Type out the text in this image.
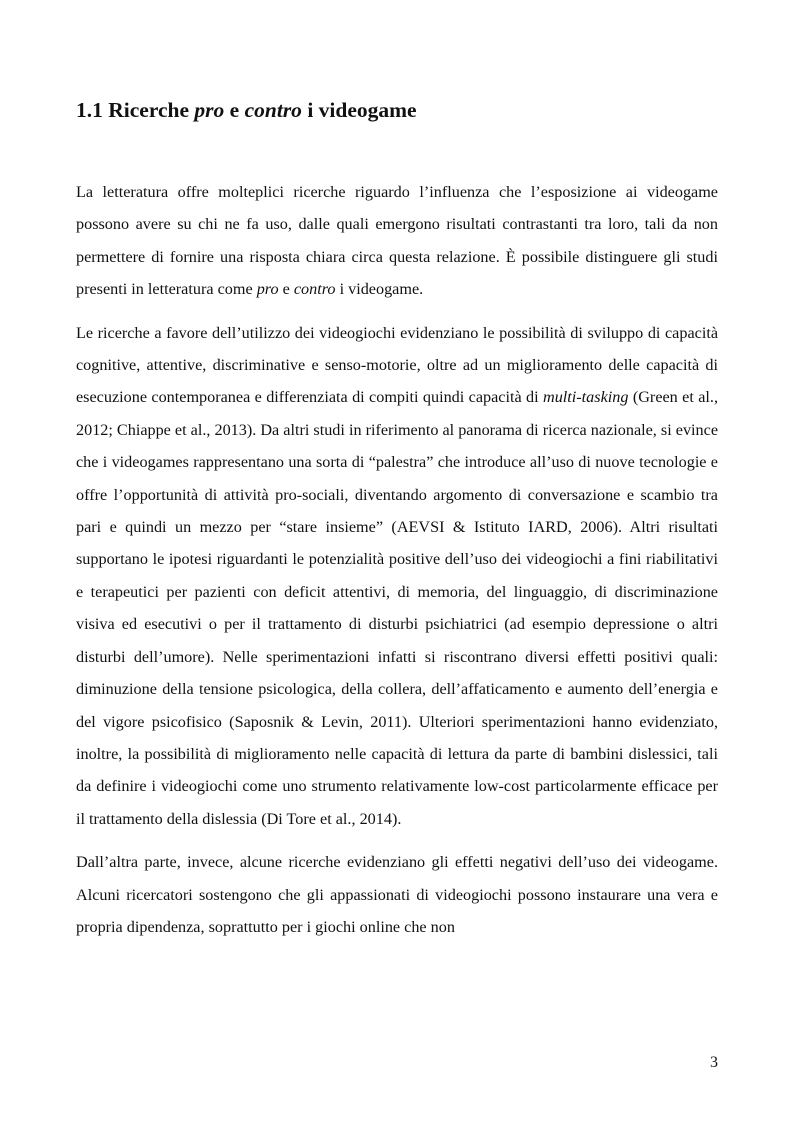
1.1 Ricerche pro e contro i videogame

La letteratura offre molteplici ricerche riguardo l’influenza che l’esposizione ai videogame possono avere su chi ne fa uso, dalle quali emergono risultati contrastanti tra loro, tali da non permettere di fornire una risposta chiara circa questa relazione. È possibile distinguere gli studi presenti in letteratura come pro e contro i videogame.

Le ricerche a favore dell’utilizzo dei videogiochi evidenziano le possibilità di sviluppo di capacità cognitive, attentive, discriminative e senso-motorie, oltre ad un miglioramento delle capacità di esecuzione contemporanea e differenziata di compiti quindi capacità di multi-tasking (Green et al., 2012; Chiappe et al., 2013). Da altri studi in riferimento al panorama di ricerca nazionale, si evince che i videogames rappresentano una sorta di “palestra” che introduce all’uso di nuove tecnologie e offre l’opportunità di attività pro-sociali, diventando argomento di conversazione e scambio tra pari e quindi un mezzo per “stare insieme” (AEVSI & Istituto IARD, 2006). Altri risultati supportano le ipotesi riguardanti le potenzialità positive dell’uso dei videogiochi a fini riabilitativi e terapeutici per pazienti con deficit attentivi, di memoria, del linguaggio, di discriminazione visiva ed esecutivi o per il trattamento di disturbi psichiatrici (ad esempio depressione o altri disturbi dell’umore). Nelle sperimentazioni infatti si riscontrano diversi effetti positivi quali: diminuzione della tensione psicologica, della collera, dell’affaticamento e aumento dell’energia e del vigore psicofisico (Saposnik & Levin, 2011). Ulteriori sperimentazioni hanno evidenziato, inoltre, la possibilità di miglioramento nelle capacità di lettura da parte di bambini dislessici, tali da definire i videogiochi come uno strumento relativamente low-cost particolarmente efficace per il trattamento della dislessia (Di Tore et al., 2014).

Dall’altra parte, invece, alcune ricerche evidenziano gli effetti negativi dell’uso dei videogame. Alcuni ricercatori sostengono che gli appassionati di videogiochi possono instaurare una vera e propria dipendenza, soprattutto per i giochi online che non

3
